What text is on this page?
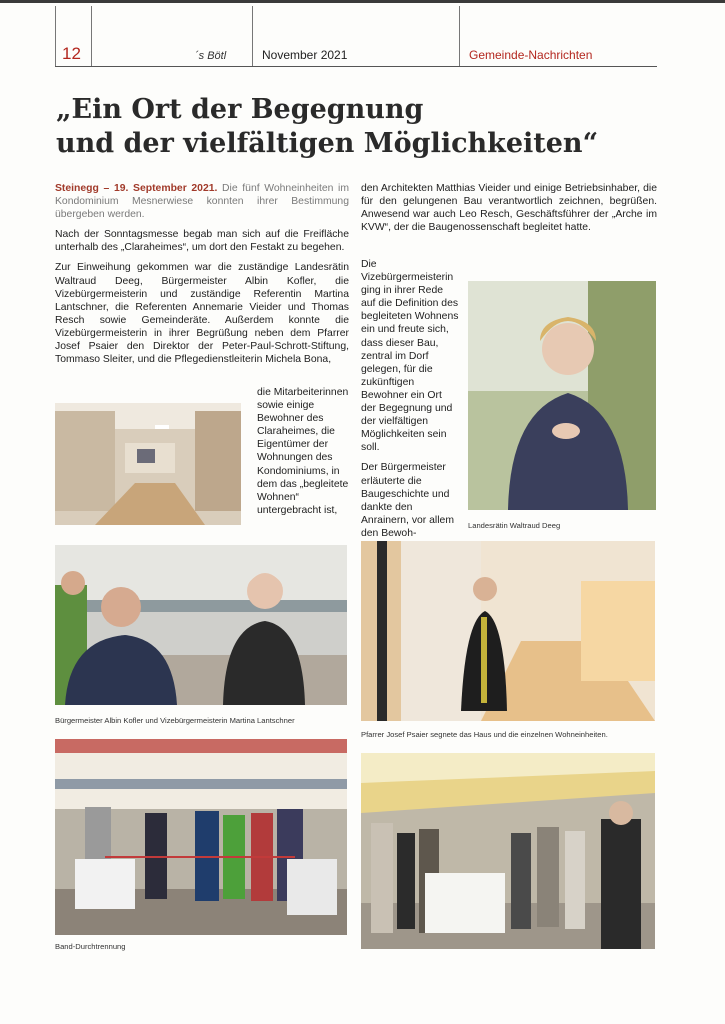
12	´s Bötl	November 2021	Gemeinde-Nachrichten
„Ein Ort der Begegnung
und der vielfältigen Möglichkeiten“

Steinegg – 19. September 2021. Die fünf Wohneinheiten im Kondominium Mesnerwiese konnten ihrer Bestimmung übergeben werden.

Nach der Sonntagsmesse begab man sich auf die Freifläche unterhalb des „Claraheimes“, um dort den Festakt zu begehen.

Zur Einweihung gekommen war die zuständige Landesrätin Waltraud Deeg, Bürgermeister Albin Kofler, die Vizebürgermeisterin und zuständige Referentin Martina Lantschner, die Referenten Annemarie Vieider und Thomas Resch sowie Gemeinderäte. Außerdem konnte die Vizebürgermeisterin in ihrer Begrüßung neben dem Pfarrer Josef Psaier den Direktor der Peter-Paul-Schrott-Stiftung, Tommaso Sleiter, und die Pflegedienstleiterin Michela Bona,

die Mitarbeiterinnen sowie einige Bewohner des Claraheimes, die Eigentümer der Wohnungen des Kondominiums, in dem das „begleitete Wohnen“ untergebracht ist,

den Architekten Matthias Vieider und einige Betriebsinhaber, die für den gelungenen Bau verantwortlich zeichnen, begrüßen. Anwesend war auch Leo Resch, Geschäftsführer der „Arche im KVW“, der die Baugenossenschaft begleitet hatte.

Die Vizebürgermeisterin ging in ihrer Rede auf die Definition des begleiteten Wohnens ein und freute sich, dass dieser Bau, zentral im Dorf gelegen, für die zukünftigen Bewohner ein Ort der Begegnung und der vielfältigen Möglichkeiten sein soll.

Der Bürgermeister erläuterte die Baugeschichte und dankte den Anrainern, vor allem den Bewoh-

Landesrätin Waltraud Deeg
Bürgermeister Albin Kofler und Vizebürgermeisterin Martina Lantschner
Pfarrer Josef Psaier segnete das Haus und die einzelnen Wohneinheiten.
Band-Durchtrennung
